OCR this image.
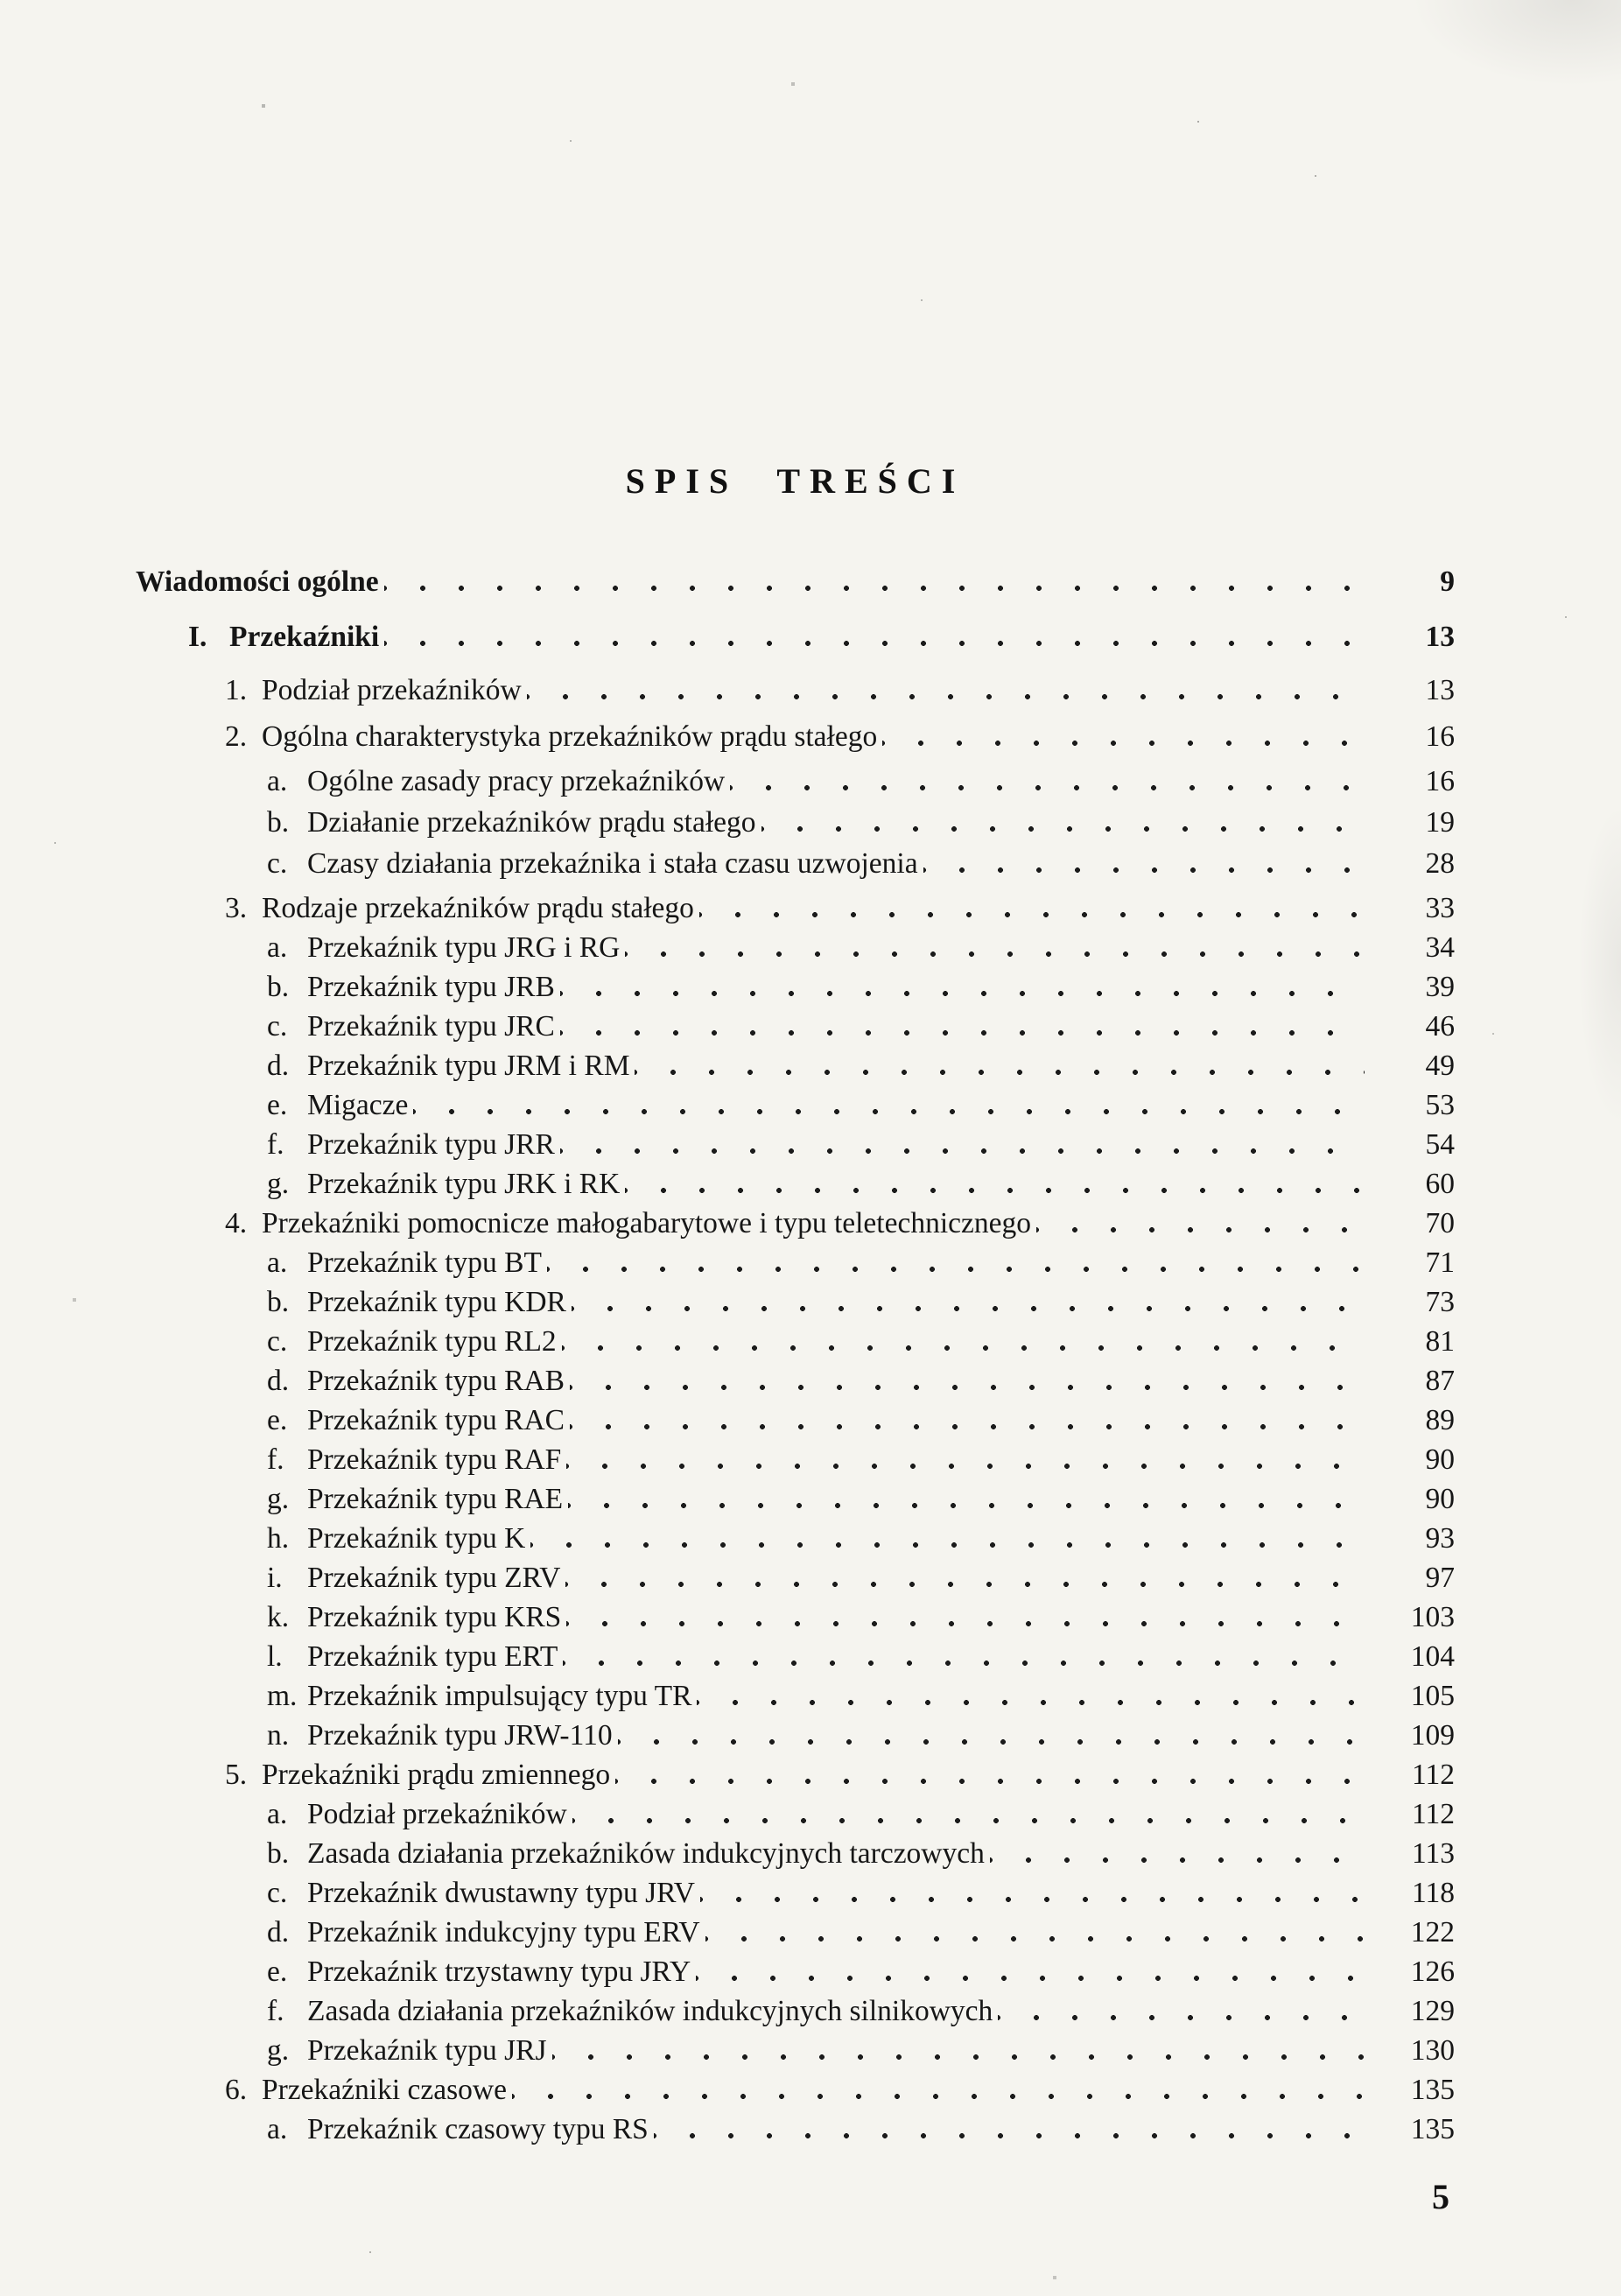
SPIS TREŚCI
Wiadomości ogólne	9
I. Przekaźniki	13
1. Podział przekaźników	13
2. Ogólna charakterystyka przekaźników prądu stałego	16
a. Ogólne zasady pracy przekaźników	16
b. Działanie przekaźników prądu stałego	19
c. Czasy działania przekaźnika i stała czasu uzwojenia	28
3. Rodzaje przekaźników prądu stałego	33
a. Przekaźnik typu JRG i RG	34
b. Przekaźnik typu JRB	39
c. Przekaźnik typu JRC	46
d. Przekaźnik typu JRM i RM	49
e. Migacze	53
f. Przekaźnik typu JRR	54
g. Przekaźnik typu JRK i RK	60
4. Przekaźniki pomocnicze małogabarytowe i typu teletechnicznego	70
a. Przekaźnik typu BT	71
b. Przekaźnik typu KDR	73
c. Przekaźnik typu RL2	81
d. Przekaźnik typu RAB	87
e. Przekaźnik typu RAC	89
f. Przekaźnik typu RAF	90
g. Przekaźnik typu RAE	90
h. Przekaźnik typu K	93
i. Przekaźnik typu ZRV	97
k. Przekaźnik typu KRS	103
l. Przekaźnik typu ERT	104
m. Przekaźnik impulsujący typu TR	105
n. Przekaźnik typu JRW-110	109
5. Przekaźniki prądu zmiennego	112
a. Podział przekaźników	112
b. Zasada działania przekaźników indukcyjnych tarczowych	113
c. Przekaźnik dwustawny typu JRV	118
d. Przekaźnik indukcyjny typu ERV	122
e. Przekaźnik trzystawny typu JRY	126
f. Zasada działania przekaźników indukcyjnych silnikowych	129
g. Przekaźnik typu JRJ	130
6. Przekaźniki czasowe	135
a. Przekaźnik czasowy typu RS	135
5
